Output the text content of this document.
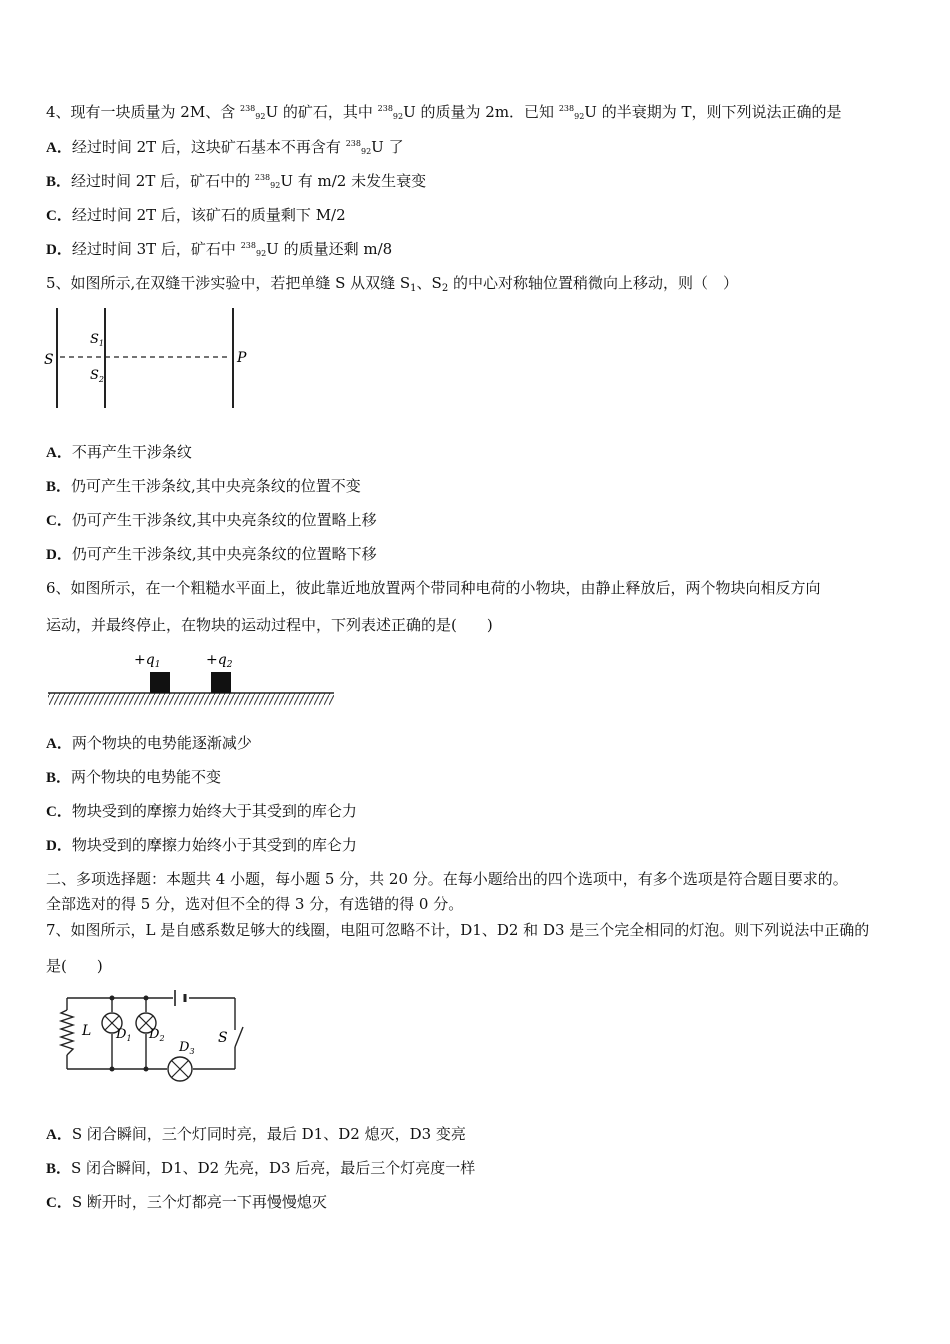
4、现有一块质量为 2M、含 $^{238}$92U 的矿石，其中 $^{238}$92U 的质量为 2m．已知 $^{238}$92U 的半衰期为 T，则下列说法正确的是
A．经过时间 2T 后，这块矿石基本不再含有 $^{238}$92U 了
B．经过时间 2T 后，矿石中的 $^{238}$92U 有 m/2 未发生衰变
C．经过时间 2T 后，该矿石的质量剩下 M/2
D．经过时间 3T 后，矿石中 $^{238}$92U 的质量还剩 m/8
5、如图所示,在双缝干涉实验中，若把单缝 S 从双缝 $S_1$、$S_2$ 的中心对称轴位置稍微向上移动，则（　）
S
$S_1$
$S_2$
P
A．不再产生干涉条纹
B．仍可产生干涉条纹,其中央亮条纹的位置不变
C．仍可产生干涉条纹,其中央亮条纹的位置略上移
D．仍可产生干涉条纹,其中央亮条纹的位置略下移
6、如图所示，在一个粗糙水平面上，彼此靠近地放置两个带同种电荷的小物块，由静止释放后，两个物块向相反方向
运动，并最终停止，在物块的运动过程中，下列表述正确的是(　　)
$+q_1$	$+q_2$
A．两个物块的电势能逐渐减少
B．两个物块的电势能不变
C．物块受到的摩擦力始终大于其受到的库仑力
D．物块受到的摩擦力始终小于其受到的库仑力
二、多项选择题：本题共 4 小题，每小题 5 分，共 20 分。在每小题给出的四个选项中，有多个选项是符合题目要求的。
全部选对的得 5 分，选对但不全的得 3 分，有选错的得 0 分。
7、如图所示，L 是自感系数足够大的线圈，电阻可忽略不计，D1、D2 和 D3 是三个完全相同的灯泡。则下列说法中正确的
是(　　)
L $D_1$ $D_2$
$D_3$
S
A．S 闭合瞬间，三个灯同时亮，最后 D1、D2 熄灭，D3 变亮
B．S 闭合瞬间，D1、D2 先亮，D3 后亮，最后三个灯亮度一样
C．S 断开时，三个灯都亮一下再慢慢熄灭
